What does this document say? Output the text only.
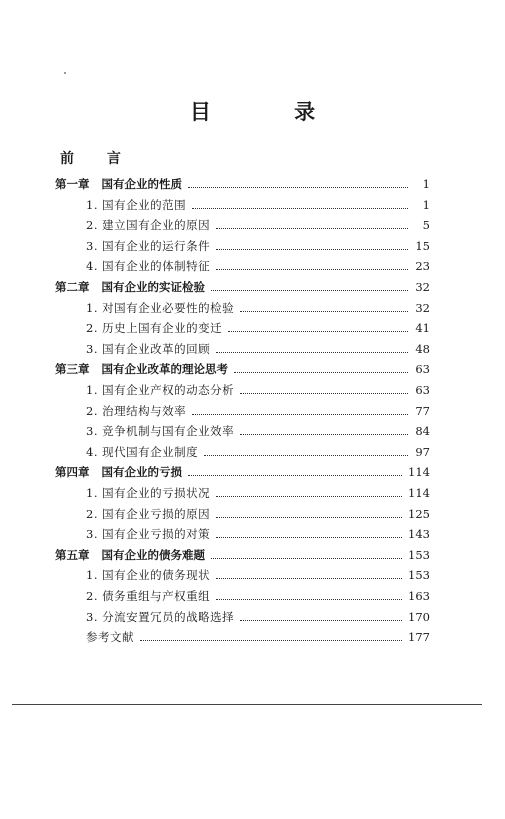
目 录
前 言
第一章 国有企业的性质	1
1. 国有企业的范围	1
2. 建立国有企业的原因	5
3. 国有企业的运行条件	15
4. 国有企业的体制特征	23
第二章 国有企业的实证检验	32
1. 对国有企业必要性的检验	32
2. 历史上国有企业的变迁	41
3. 国有企业改革的回顾	48
第三章 国有企业改革的理论思考	63
1. 国有企业产权的动态分析	63
2. 治理结构与效率	77
3. 竞争机制与国有企业效率	84
4. 现代国有企业制度	97
第四章 国有企业的亏损	114
1. 国有企业的亏损状况	114
2. 国有企业亏损的原因	125
3. 国有企业亏损的对策	143
第五章 国有企业的债务难题	153
1. 国有企业的债务现状	153
2. 债务重组与产权重组	163
3. 分流安置冗员的战略选择	170
参考文献	177
